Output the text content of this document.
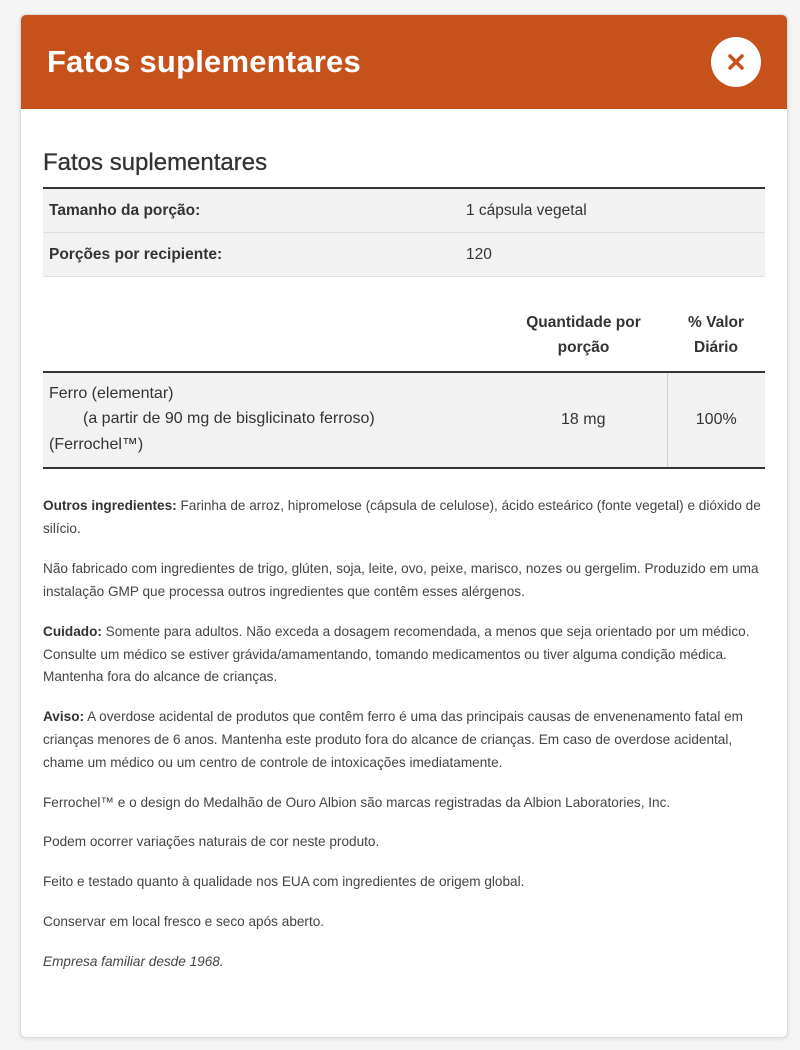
Fatos suplementares
Fatos suplementares
Tamanho da porção:	1 cápsula vegetal
Porções por recipiente:	120
	Quantidade por porção	% Valor Diário
Ferro (elementar)
(a partir de 90 mg de bisglicinato ferroso)
(Ferrochel™)	18 mg	100%

Outros ingredientes: Farinha de arroz, hipromelose (cápsula de celulose), ácido esteárico (fonte vegetal) e dióxido de silício.

Não fabricado com ingredientes de trigo, glúten, soja, leite, ovo, peixe, marisco, nozes ou gergelim. Produzido em uma instalação GMP que processa outros ingredientes que contêm esses alérgenos.

Cuidado: Somente para adultos. Não exceda a dosagem recomendada, a menos que seja orientado por um médico. Consulte um médico se estiver grávida/amamentando, tomando medicamentos ou tiver alguma condição médica. Mantenha fora do alcance de crianças.

Aviso: A overdose acidental de produtos que contêm ferro é uma das principais causas de envenenamento fatal em crianças menores de 6 anos. Mantenha este produto fora do alcance de crianças. Em caso de overdose acidental, chame um médico ou um centro de controle de intoxicações imediatamente.

Ferrochel™ e o design do Medalhão de Ouro Albion são marcas registradas da Albion Laboratories, Inc.

Podem ocorrer variações naturais de cor neste produto.

Feito e testado quanto à qualidade nos EUA com ingredientes de origem global.

Conservar em local fresco e seco após aberto.

Empresa familiar desde 1968.
